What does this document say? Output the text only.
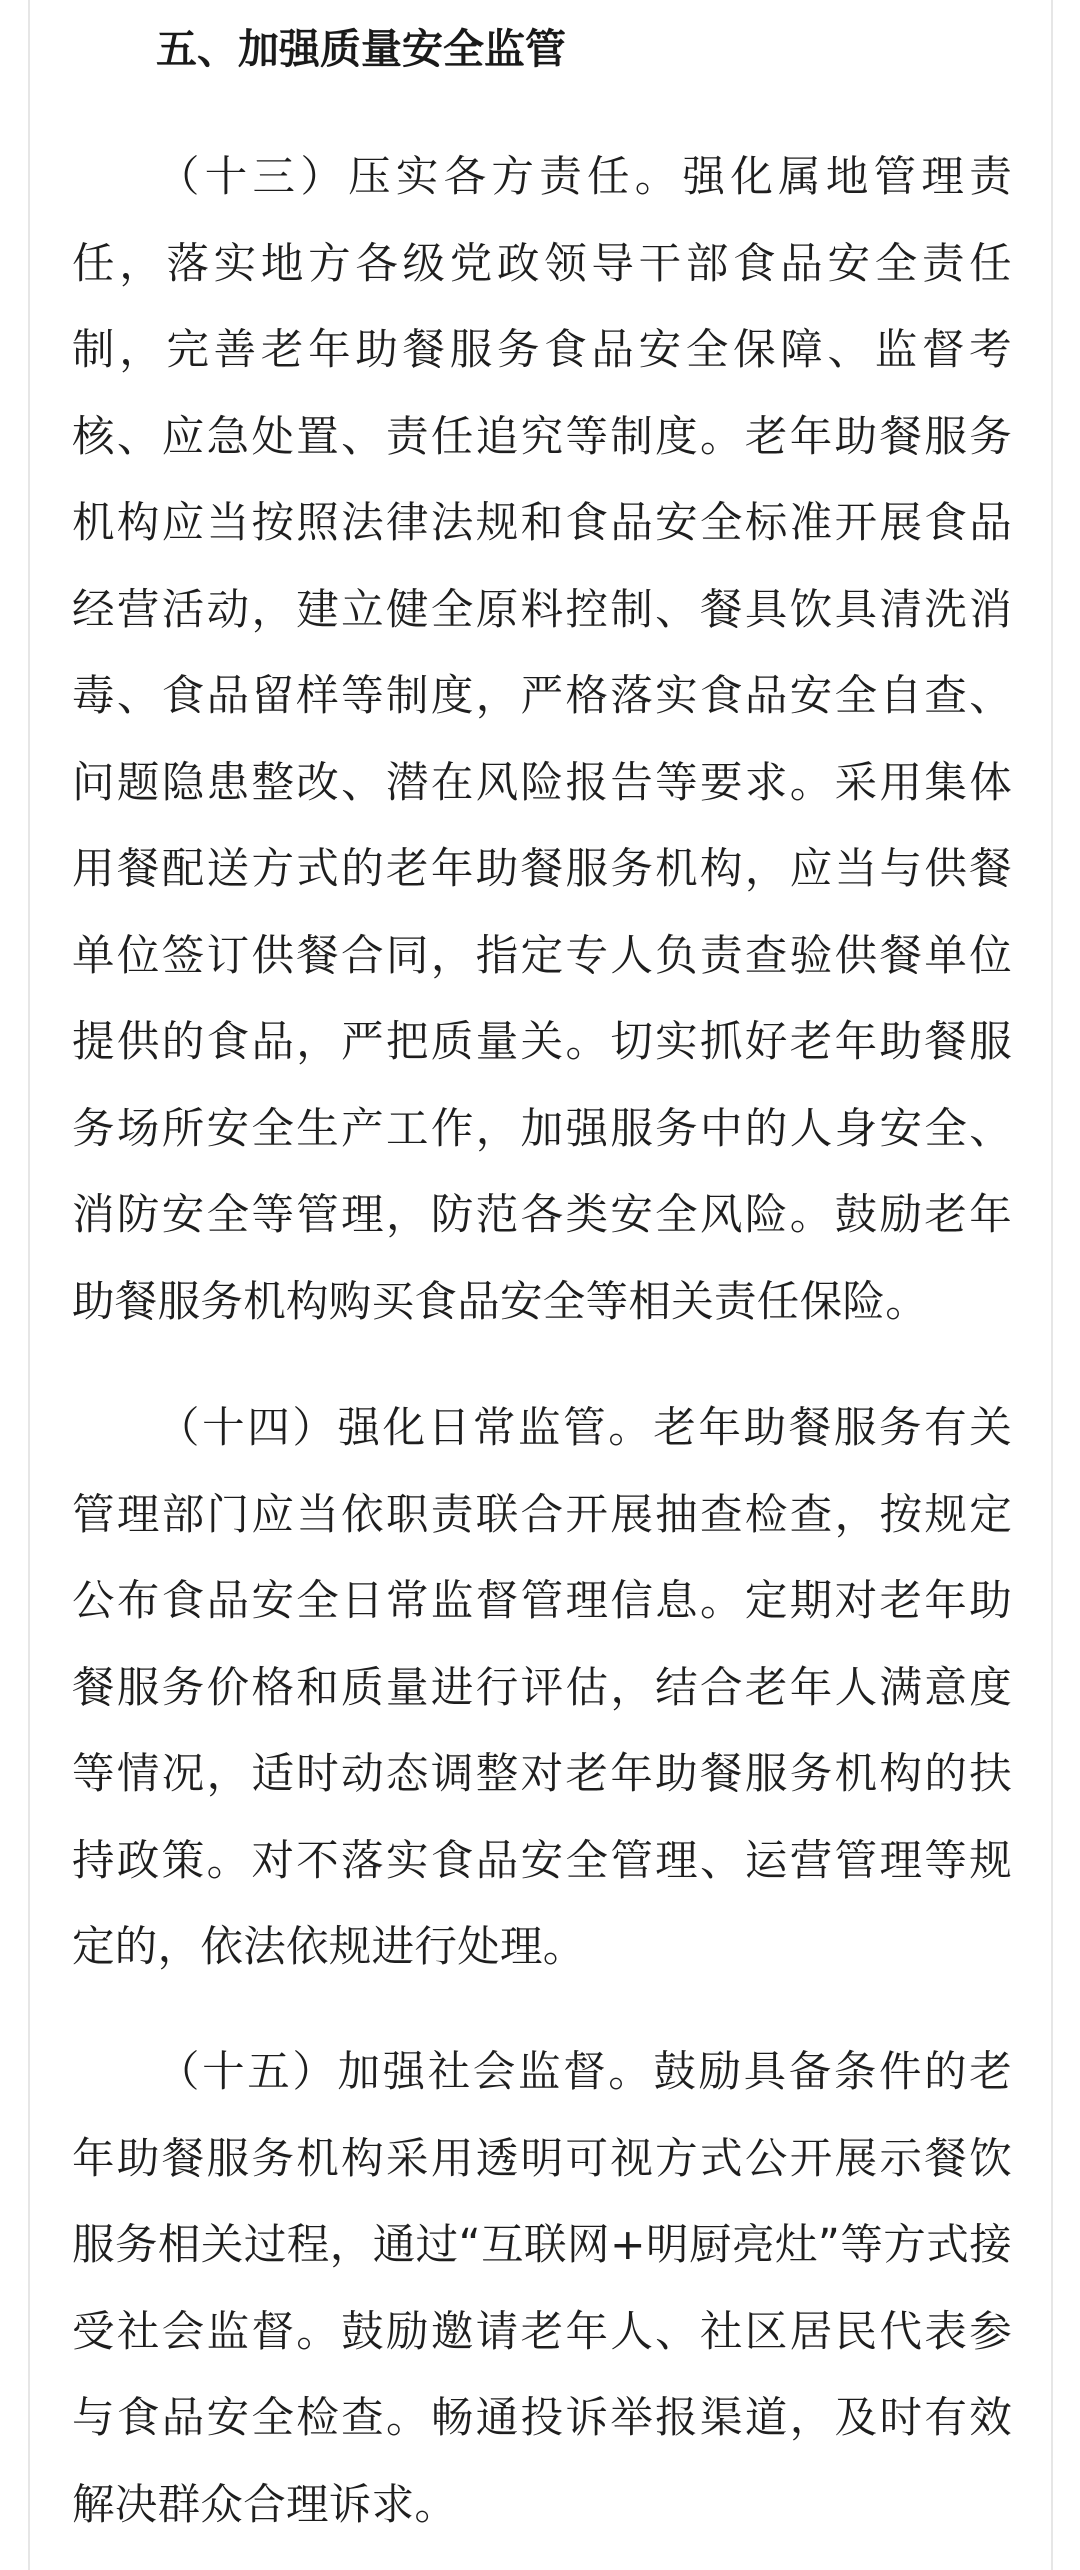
五、加强质量安全监管

（十三）压实各方责任。强化属地管理责任，落实地方各级党政领导干部食品安全责任制，完善老年助餐服务食品安全保障、监督考核、应急处置、责任追究等制度。老年助餐服务机构应当按照法律法规和食品安全标准开展食品经营活动，建立健全原料控制、餐具饮具清洗消毒、食品留样等制度，严格落实食品安全自查、问题隐患整改、潜在风险报告等要求。采用集体用餐配送方式的老年助餐服务机构，应当与供餐单位签订供餐合同，指定专人负责查验供餐单位提供的食品，严把质量关。切实抓好老年助餐服务场所安全生产工作，加强服务中的人身安全、消防安全等管理，防范各类安全风险。鼓励老年助餐服务机构购买食品安全等相关责任保险。

（十四）强化日常监管。老年助餐服务有关管理部门应当依职责联合开展抽查检查，按规定公布食品安全日常监督管理信息。定期对老年助餐服务价格和质量进行评估，结合老年人满意度等情况，适时动态调整对老年助餐服务机构的扶持政策。对不落实食品安全管理、运营管理等规定的，依法依规进行处理。

（十五）加强社会监督。鼓励具备条件的老年助餐服务机构采用透明可视方式公开展示餐饮服务相关过程，通过“互联网+明厨亮灶”等方式接受社会监督。鼓励邀请老年人、社区居民代表参与食品安全检查。畅通投诉举报渠道，及时有效解决群众合理诉求。
